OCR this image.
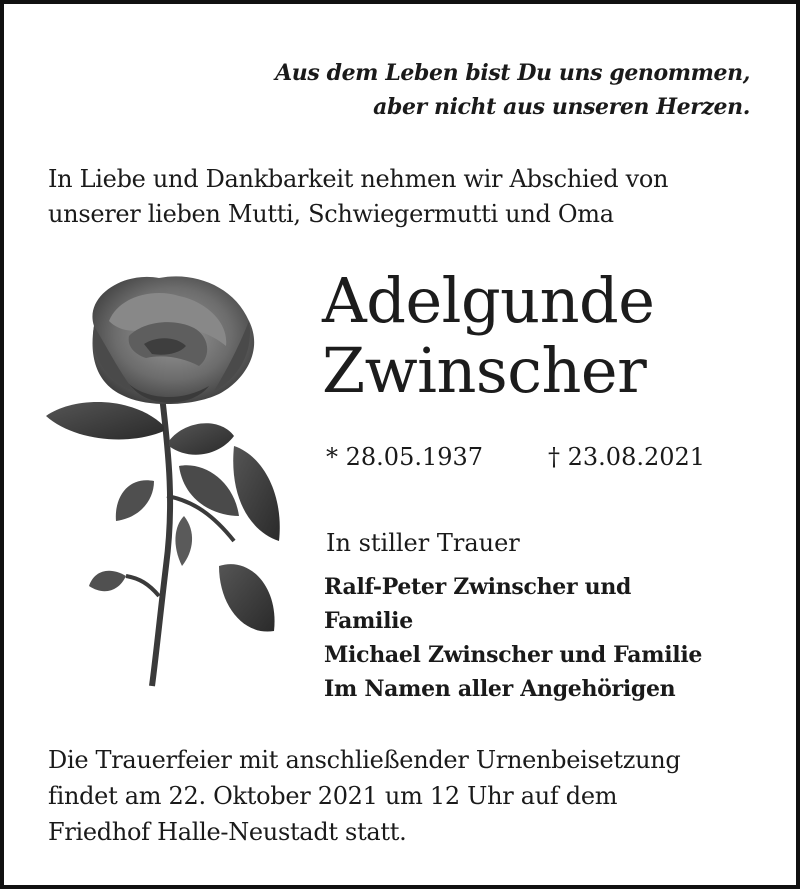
Aus dem Leben bist Du uns genommen,
aber nicht aus unseren Herzen.
In Liebe und Dankbarkeit nehmen wir Abschied von
unserer lieben Mutti, Schwiegermutti und Oma
Adelgunde
Zwinscher
* 28.05.1937	† 23.08.2021
In stiller Trauer
Ralf-Peter Zwinscher und
Familie
Michael Zwinscher und Familie
Im Namen aller Angehörigen
Die Trauerfeier mit anschließender Urnenbeisetzung
findet am 22. Oktober 2021 um 12 Uhr auf dem
Friedhof Halle-Neustadt statt.
